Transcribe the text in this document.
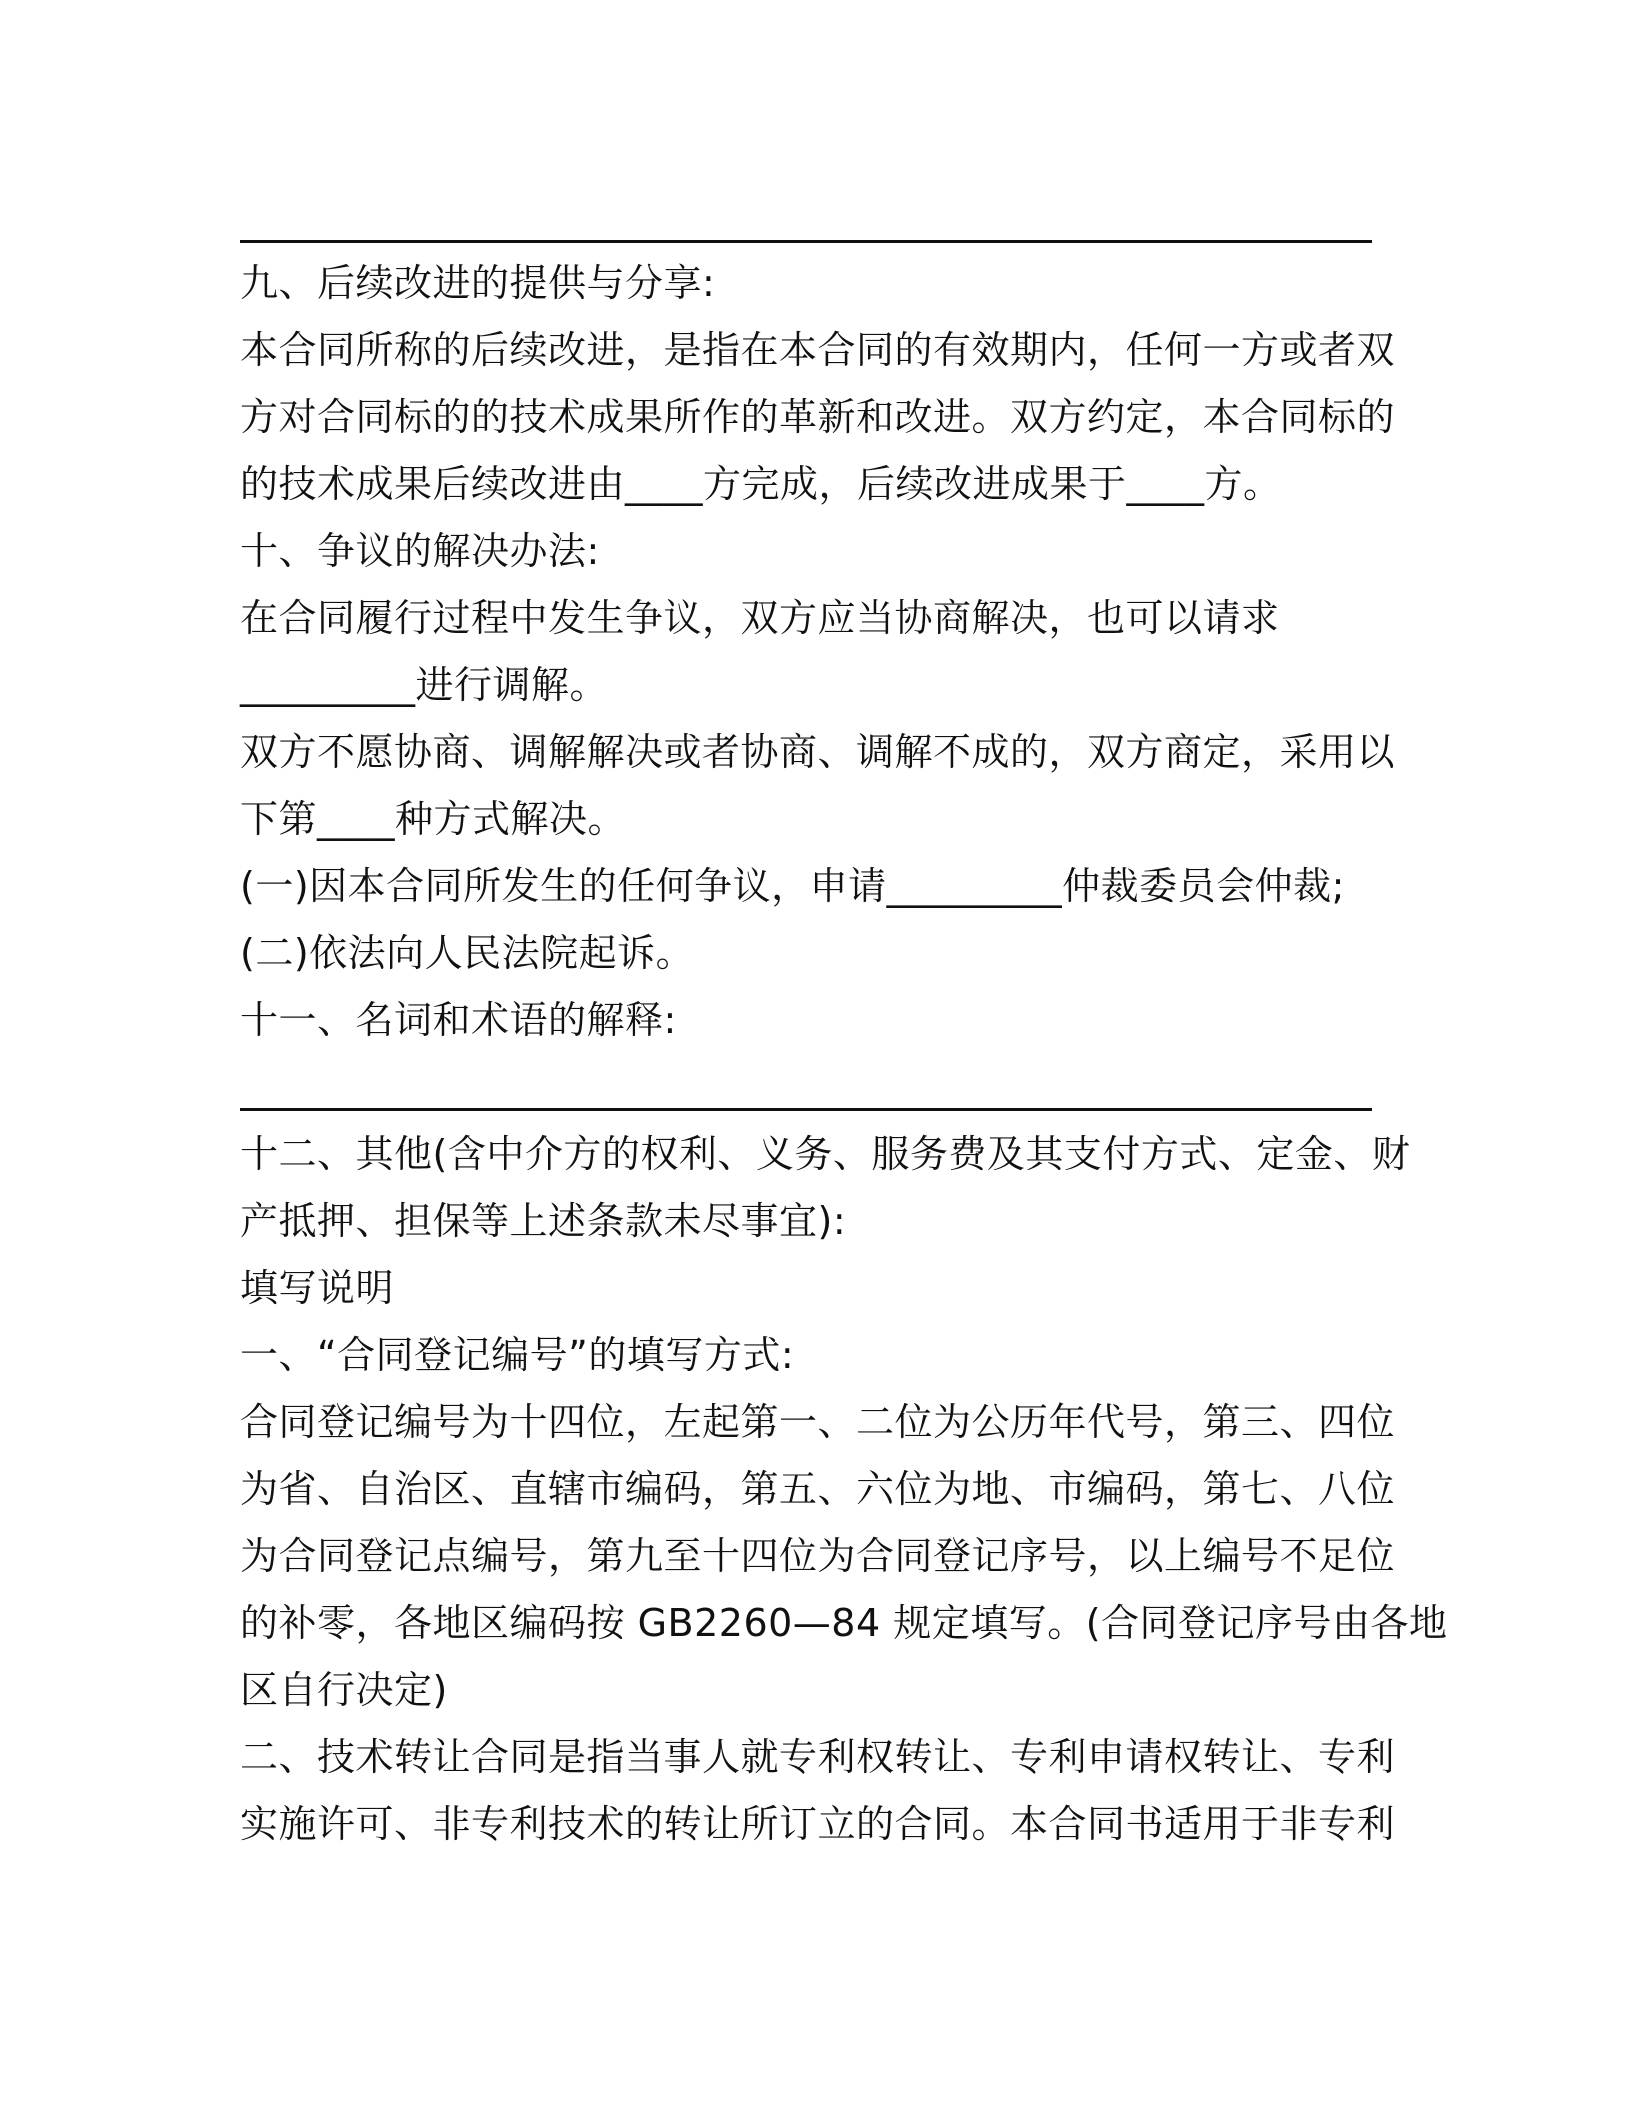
九、后续改进的提供与分享:
本合同所称的后续改进，是指在本合同的有效期内，任何一方或者双
方对合同标的的技术成果所作的革新和改进。双方约定，本合同标的
的技术成果后续改进由____方完成，后续改进成果于____方。
十、争议的解决办法:
在合同履行过程中发生争议，双方应当协商解决，也可以请求
_________进行调解。
双方不愿协商、调解解决或者协商、调解不成的，双方商定，采用以
下第____种方式解决。
(一)因本合同所发生的任何争议，申请_________仲裁委员会仲裁;
(二)依法向人民法院起诉。
十一、名词和术语的解释:
十二、其他(含中介方的权利、义务、服务费及其支付方式、定金、财
产抵押、担保等上述条款未尽事宜):
填写说明
一、“合同登记编号”的填写方式:
合同登记编号为十四位，左起第一、二位为公历年代号，第三、四位
为省、自治区、直辖市编码，第五、六位为地、市编码，第七、八位
为合同登记点编号，第九至十四位为合同登记序号，以上编号不足位
的补零，各地区编码按 GB2260—84 规定填写。(合同登记序号由各地
区自行决定)
二、技术转让合同是指当事人就专利权转让、专利申请权转让、专利
实施许可、非专利技术的转让所订立的合同。本合同书适用于非专利
